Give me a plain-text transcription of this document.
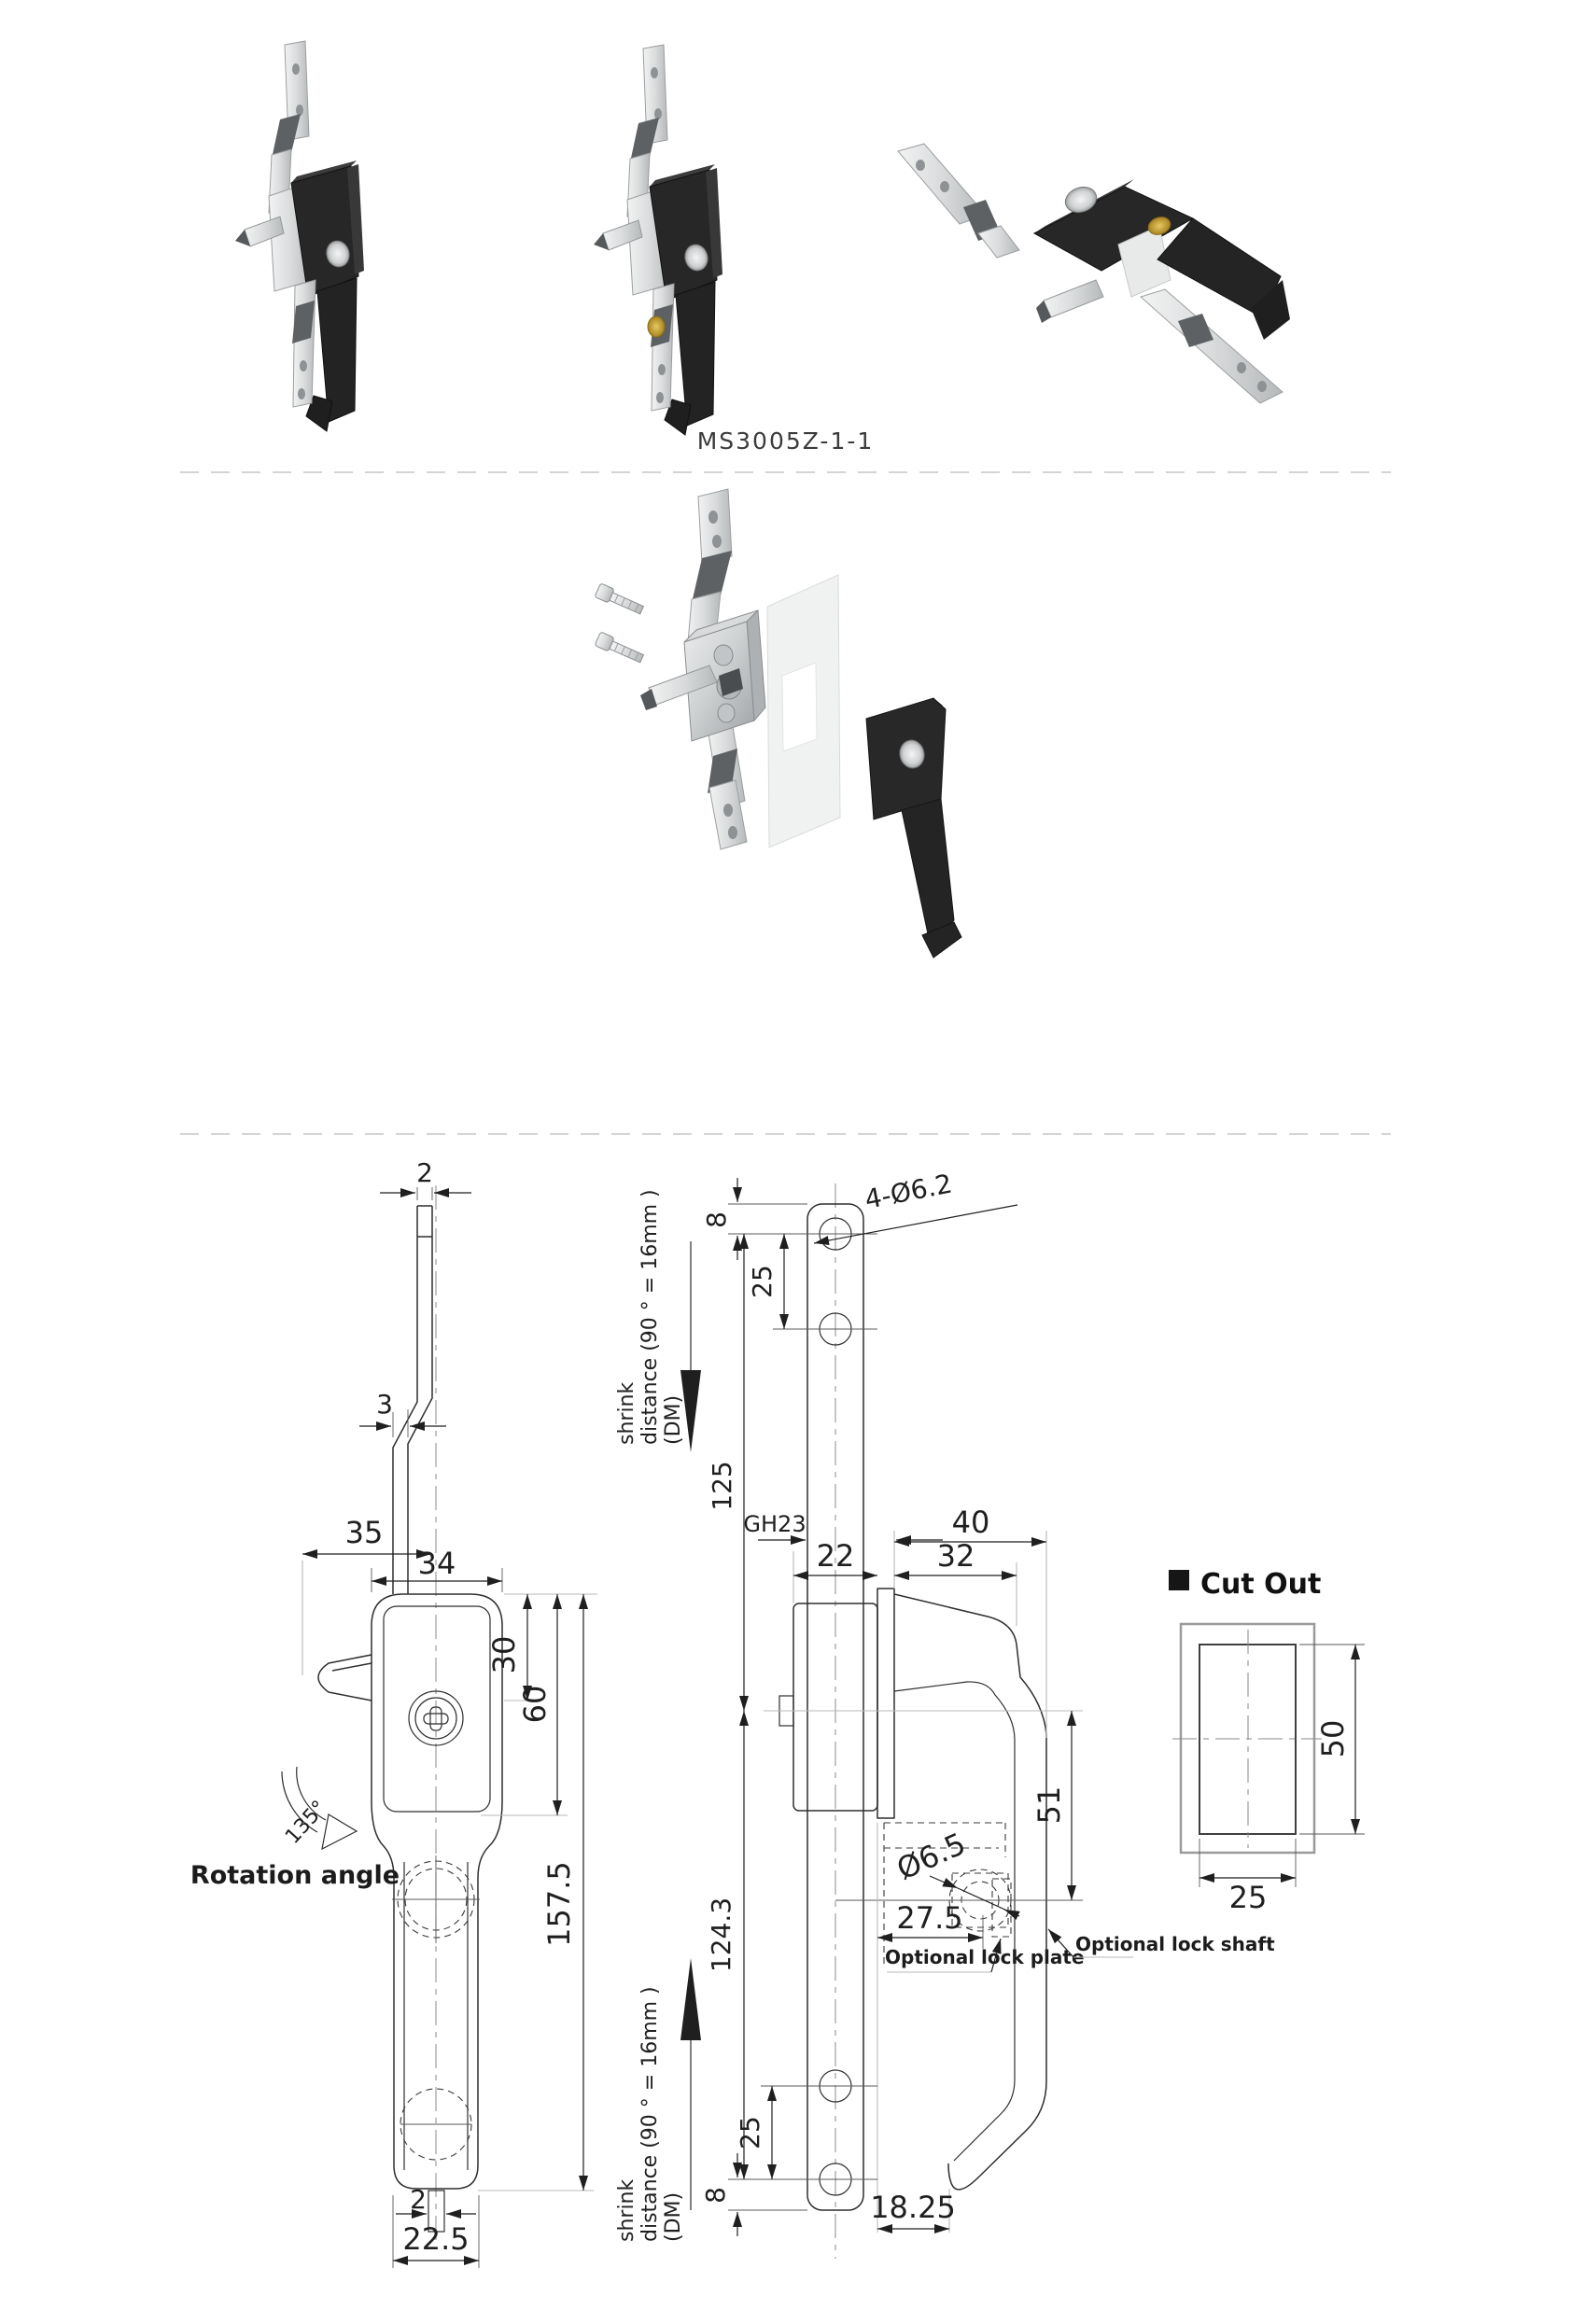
MS3005Z-1-1
2
3
35
34
30
60
157.5
2
22.5
135°
Rotation angle
8
25
125
124.3
25
8
4-Ø6.2
GH23
22
40
32
51
Ø6.5
27.5
Optional lock plate
Optional lock shaft
18.25
shrink distance (90 ° = 16mm ) (DM)
shrink distance (90 ° = 16mm ) (DM)
Cut Out
50
25
